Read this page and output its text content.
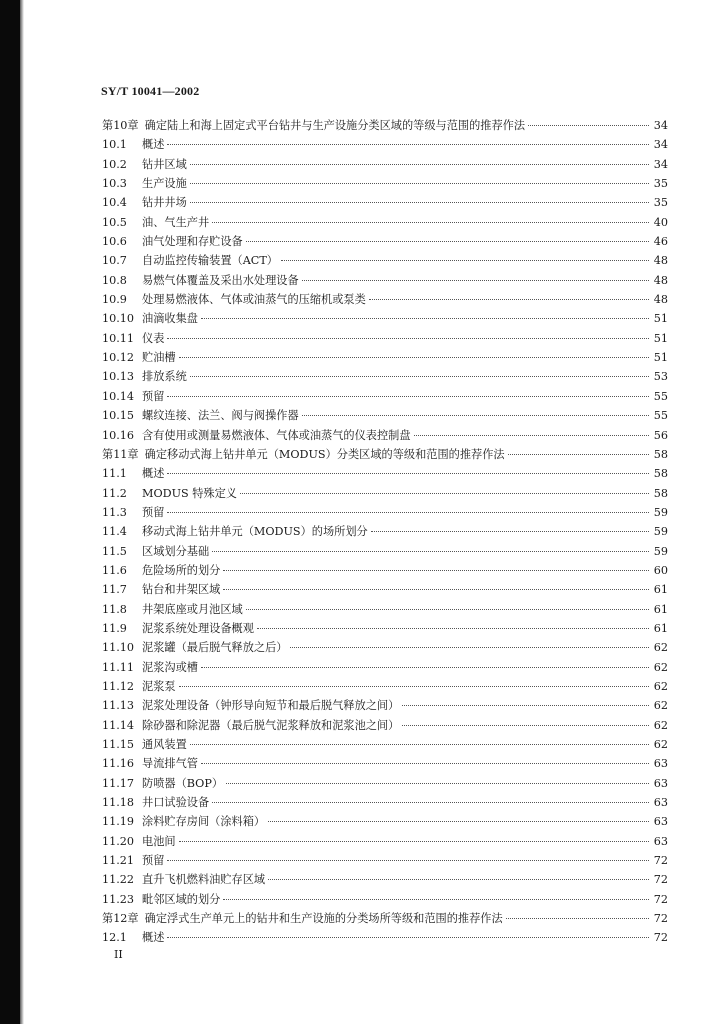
SY/T 10041—2002
第10章 确定陆上和海上固定式平台钻井与生产设施分类区域的等级与范围的推荐作法	34
10.1	概述	34
10.2	钻井区域	34
10.3	生产设施	35
10.4	钻井井场	35
10.5	油、气生产井	40
10.6	油气处理和存贮设备	46
10.7	自动监控传输装置（ACT）	48
10.8	易燃气体覆盖及采出水处理设备	48
10.9	处理易燃液体、气体或油蒸气的压缩机或泵类	48
10.10 油滴收集盘	51
10.11 仪表	51
10.12 贮油槽	51
10.13 排放系统	53
10.14 预留	55
10.15 螺纹连接、法兰、阀与阀操作器	55
10.16 含有使用或测量易燃液体、气体或油蒸气的仪表控制盘	56
第11章 确定移动式海上钻井单元（MODUS）分类区域的等级和范围的推荐作法	58
11.1	概述	58
11.2	MODUS 特殊定义	58
11.3	预留	59
11.4	移动式海上钻井单元（MODUS）的场所划分	59
11.5	区域划分基础	59
11.6	危险场所的划分	60
11.7	钻台和井架区域	61
11.8	井架底座或月池区域	61
11.9	泥浆系统处理设备概观	61
11.10 泥浆罐（最后脱气释放之后）	62
11.11 泥浆沟或槽	62
11.12 泥浆泵	62
11.13 泥浆处理设备（钟形导向短节和最后脱气释放之间）	62
11.14 除砂器和除泥器（最后脱气泥浆释放和泥浆池之间）	62
11.15 通风装置	62
11.16 导流排气管	63
11.17 防喷器（BOP）	63
11.18 井口试验设备	63
11.19 涂料贮存房间（涂料箱）	63
11.20 电池间	63
11.21 预留	72
11.22 直升飞机燃料油贮存区域	72
11.23 毗邻区域的划分	72
第12章 确定浮式生产单元上的钻井和生产设施的分类场所等级和范围的推荐作法	72
12.1	概述	72
II
